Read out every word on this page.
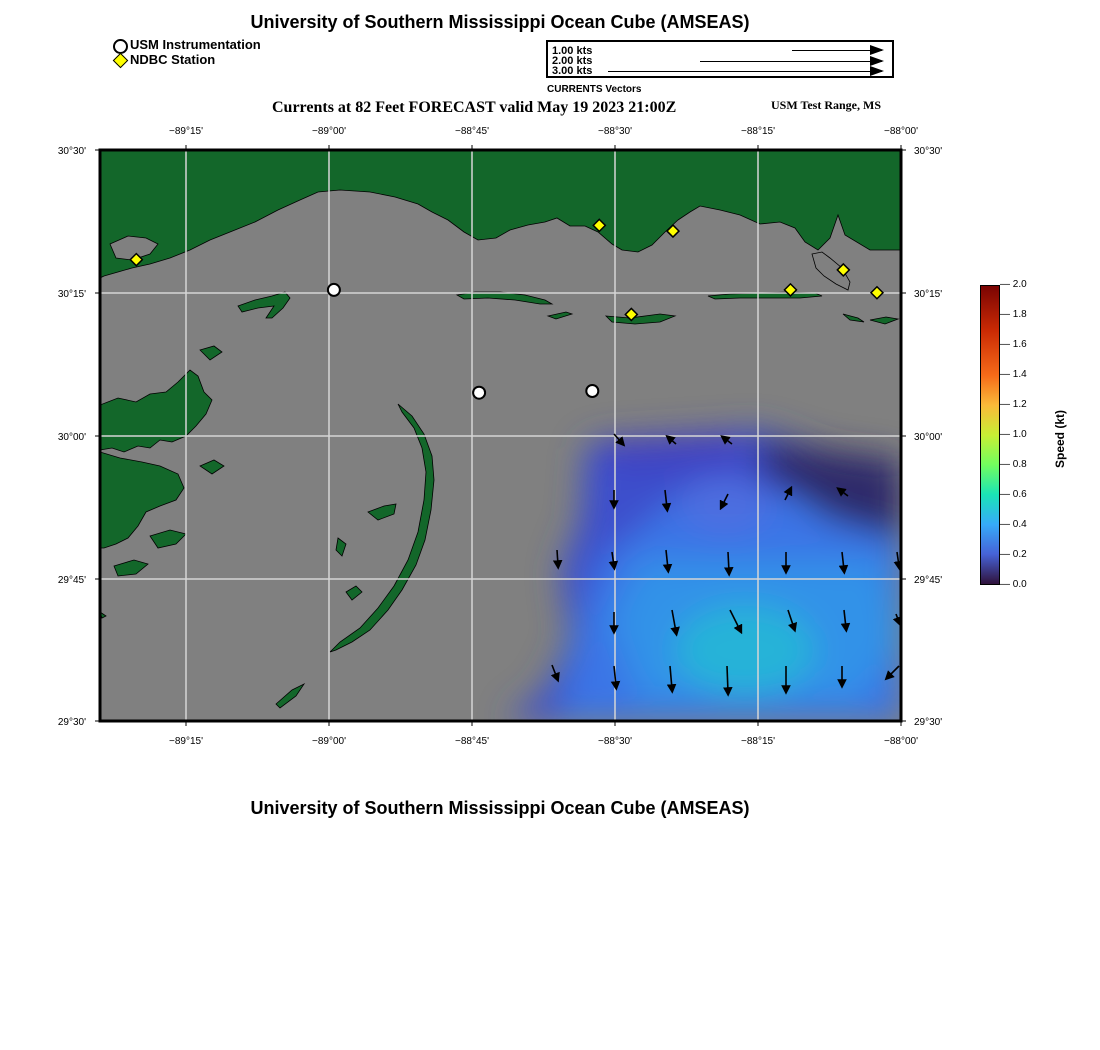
University of Southern Mississippi Ocean Cube (AMSEAS)
USM Instrumentation
NDBC Station
1.00 kts
2.00 kts
3.00 kts
CURRENTS Vectors
Currents at 82 Feet FORECAST valid May 19 2023 21:00Z	USM Test Range, MS
−89°15'	−89°00'	−88°45'	−88°30'	−88°15'	−88°00'
−89°15'	−89°00'	−88°45'	−88°30'	−88°15'	−88°00'
30°30'
30°15'
30°00'
29°45'
29°30'
30°30'
30°15'
30°00'
29°45'
29°30'
— 2.0
— 1.8
— 1.6
— 1.4
— 1.2
— 1.0
— 0.8
— 0.6
— 0.4
— 0.2
— 0.0
Speed (kt)
University of Southern Mississippi Ocean Cube (AMSEAS)
